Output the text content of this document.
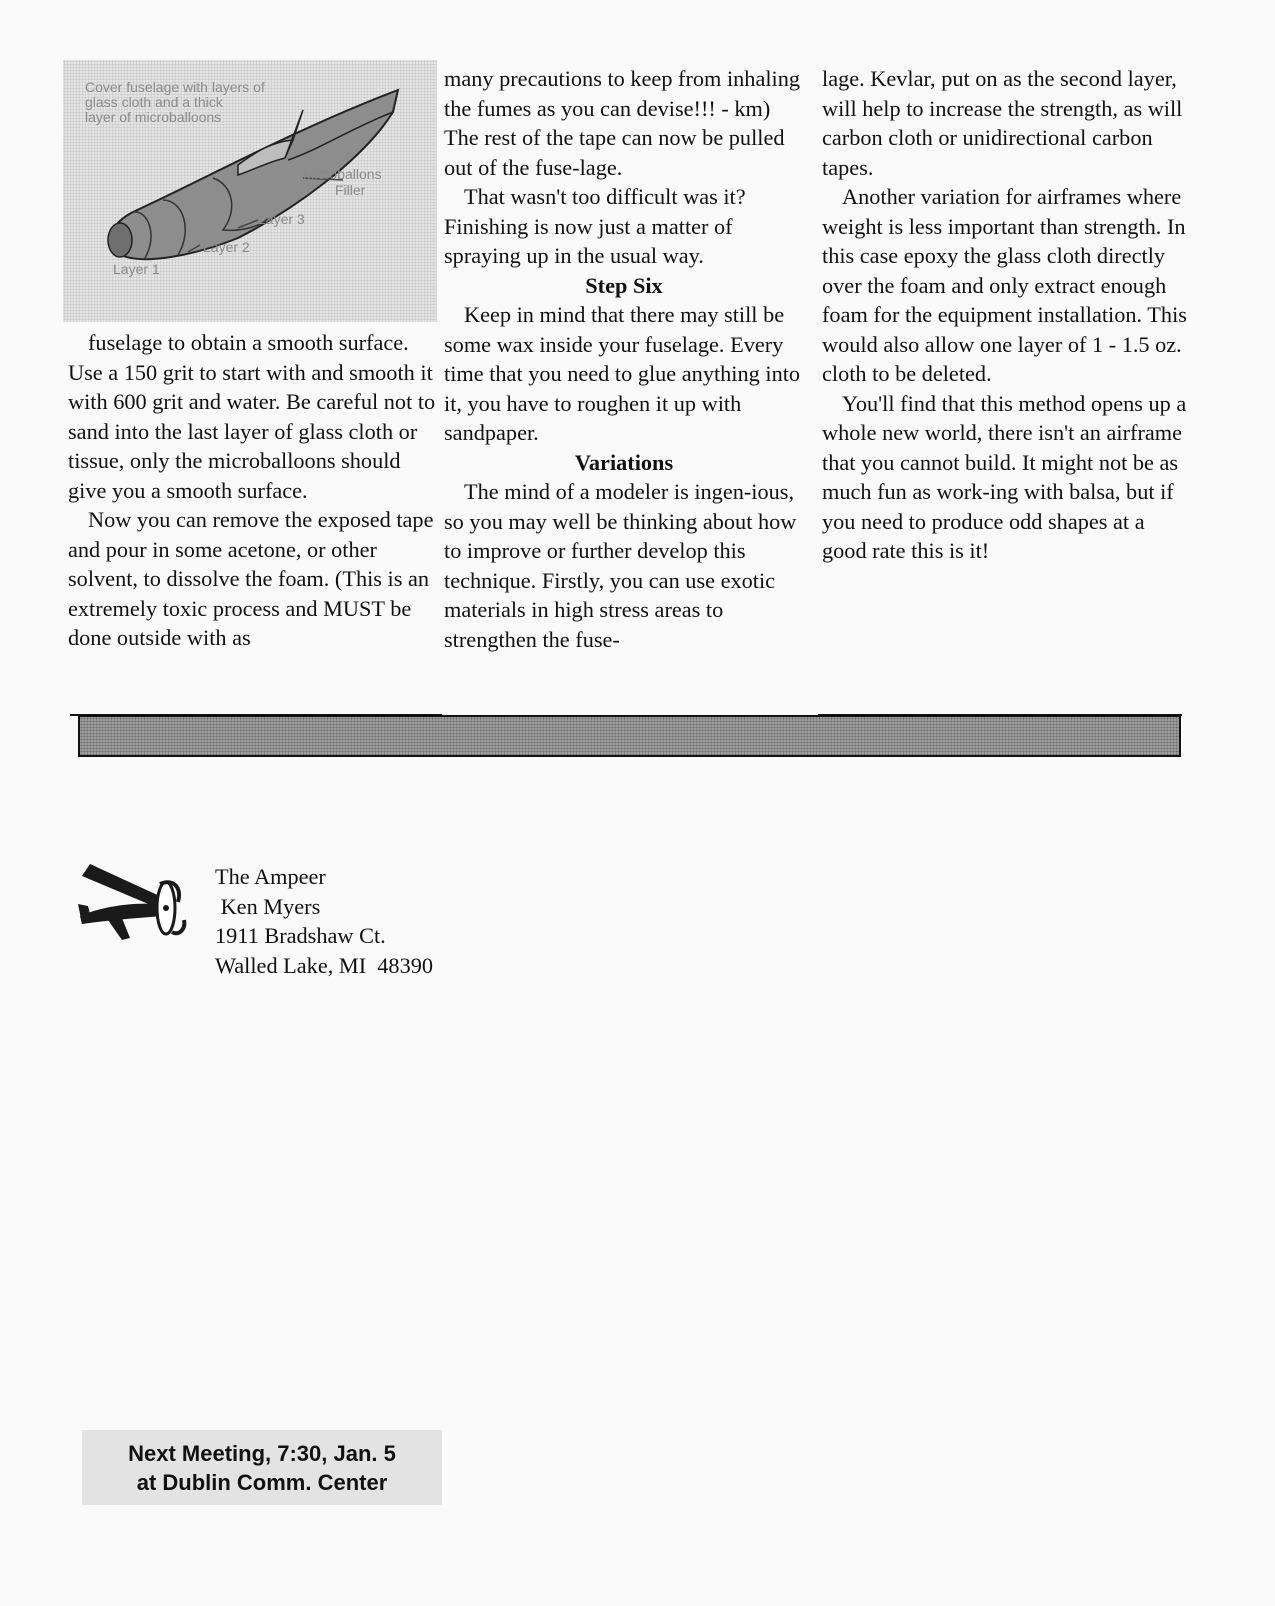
Cover fuselage with layers of
glass cloth and a thick
layer of microballoons
Microballons
Filler
Layer 3
Layer 2
Layer 1

fuselage to obtain a smooth surface. Use a 150 grit to start with and smooth it with 600 grit and water. Be careful not to sand into the last layer of glass cloth or tissue, only the microballoons should give you a smooth surface.

Now you can remove the exposed tape and pour in some acetone, or other solvent, to dissolve the foam. (This is an extremely toxic process and MUST be done outside with as

many precautions to keep from inhaling the fumes as you can devise!!! - km) The rest of the tape can now be pulled out of the fuse-lage.

That wasn't too difficult was it? Finishing is now just a matter of spraying up in the usual way.

Step Six

Keep in mind that there may still be some wax inside your fuselage. Every time that you need to glue anything into it, you have to roughen it up with sandpaper.

Variations

The mind of a modeler is ingen-ious, so you may well be thinking about how to improve or further develop this technique. Firstly, you can use exotic materials in high stress areas to strengthen the fuse-

lage. Kevlar, put on as the second layer, will help to increase the strength, as will carbon cloth or unidirectional carbon tapes.

Another variation for airframes where weight is less important than strength. In this case epoxy the glass cloth directly over the foam and only extract enough foam for the equipment installation. This would also allow one layer of 1 - 1.5 oz. cloth to be deleted.

You'll find that this method opens up a whole new world, there isn't an airframe that you cannot build. It might not be as much fun as work-ing with balsa, but if you need to produce odd shapes at a good rate this is it!

The Ampeer
Ken Myers
1911 Bradshaw Ct.
Walled Lake, MI  48390
Next Meeting, 7:30, Jan. 5
at Dublin Comm. Center
